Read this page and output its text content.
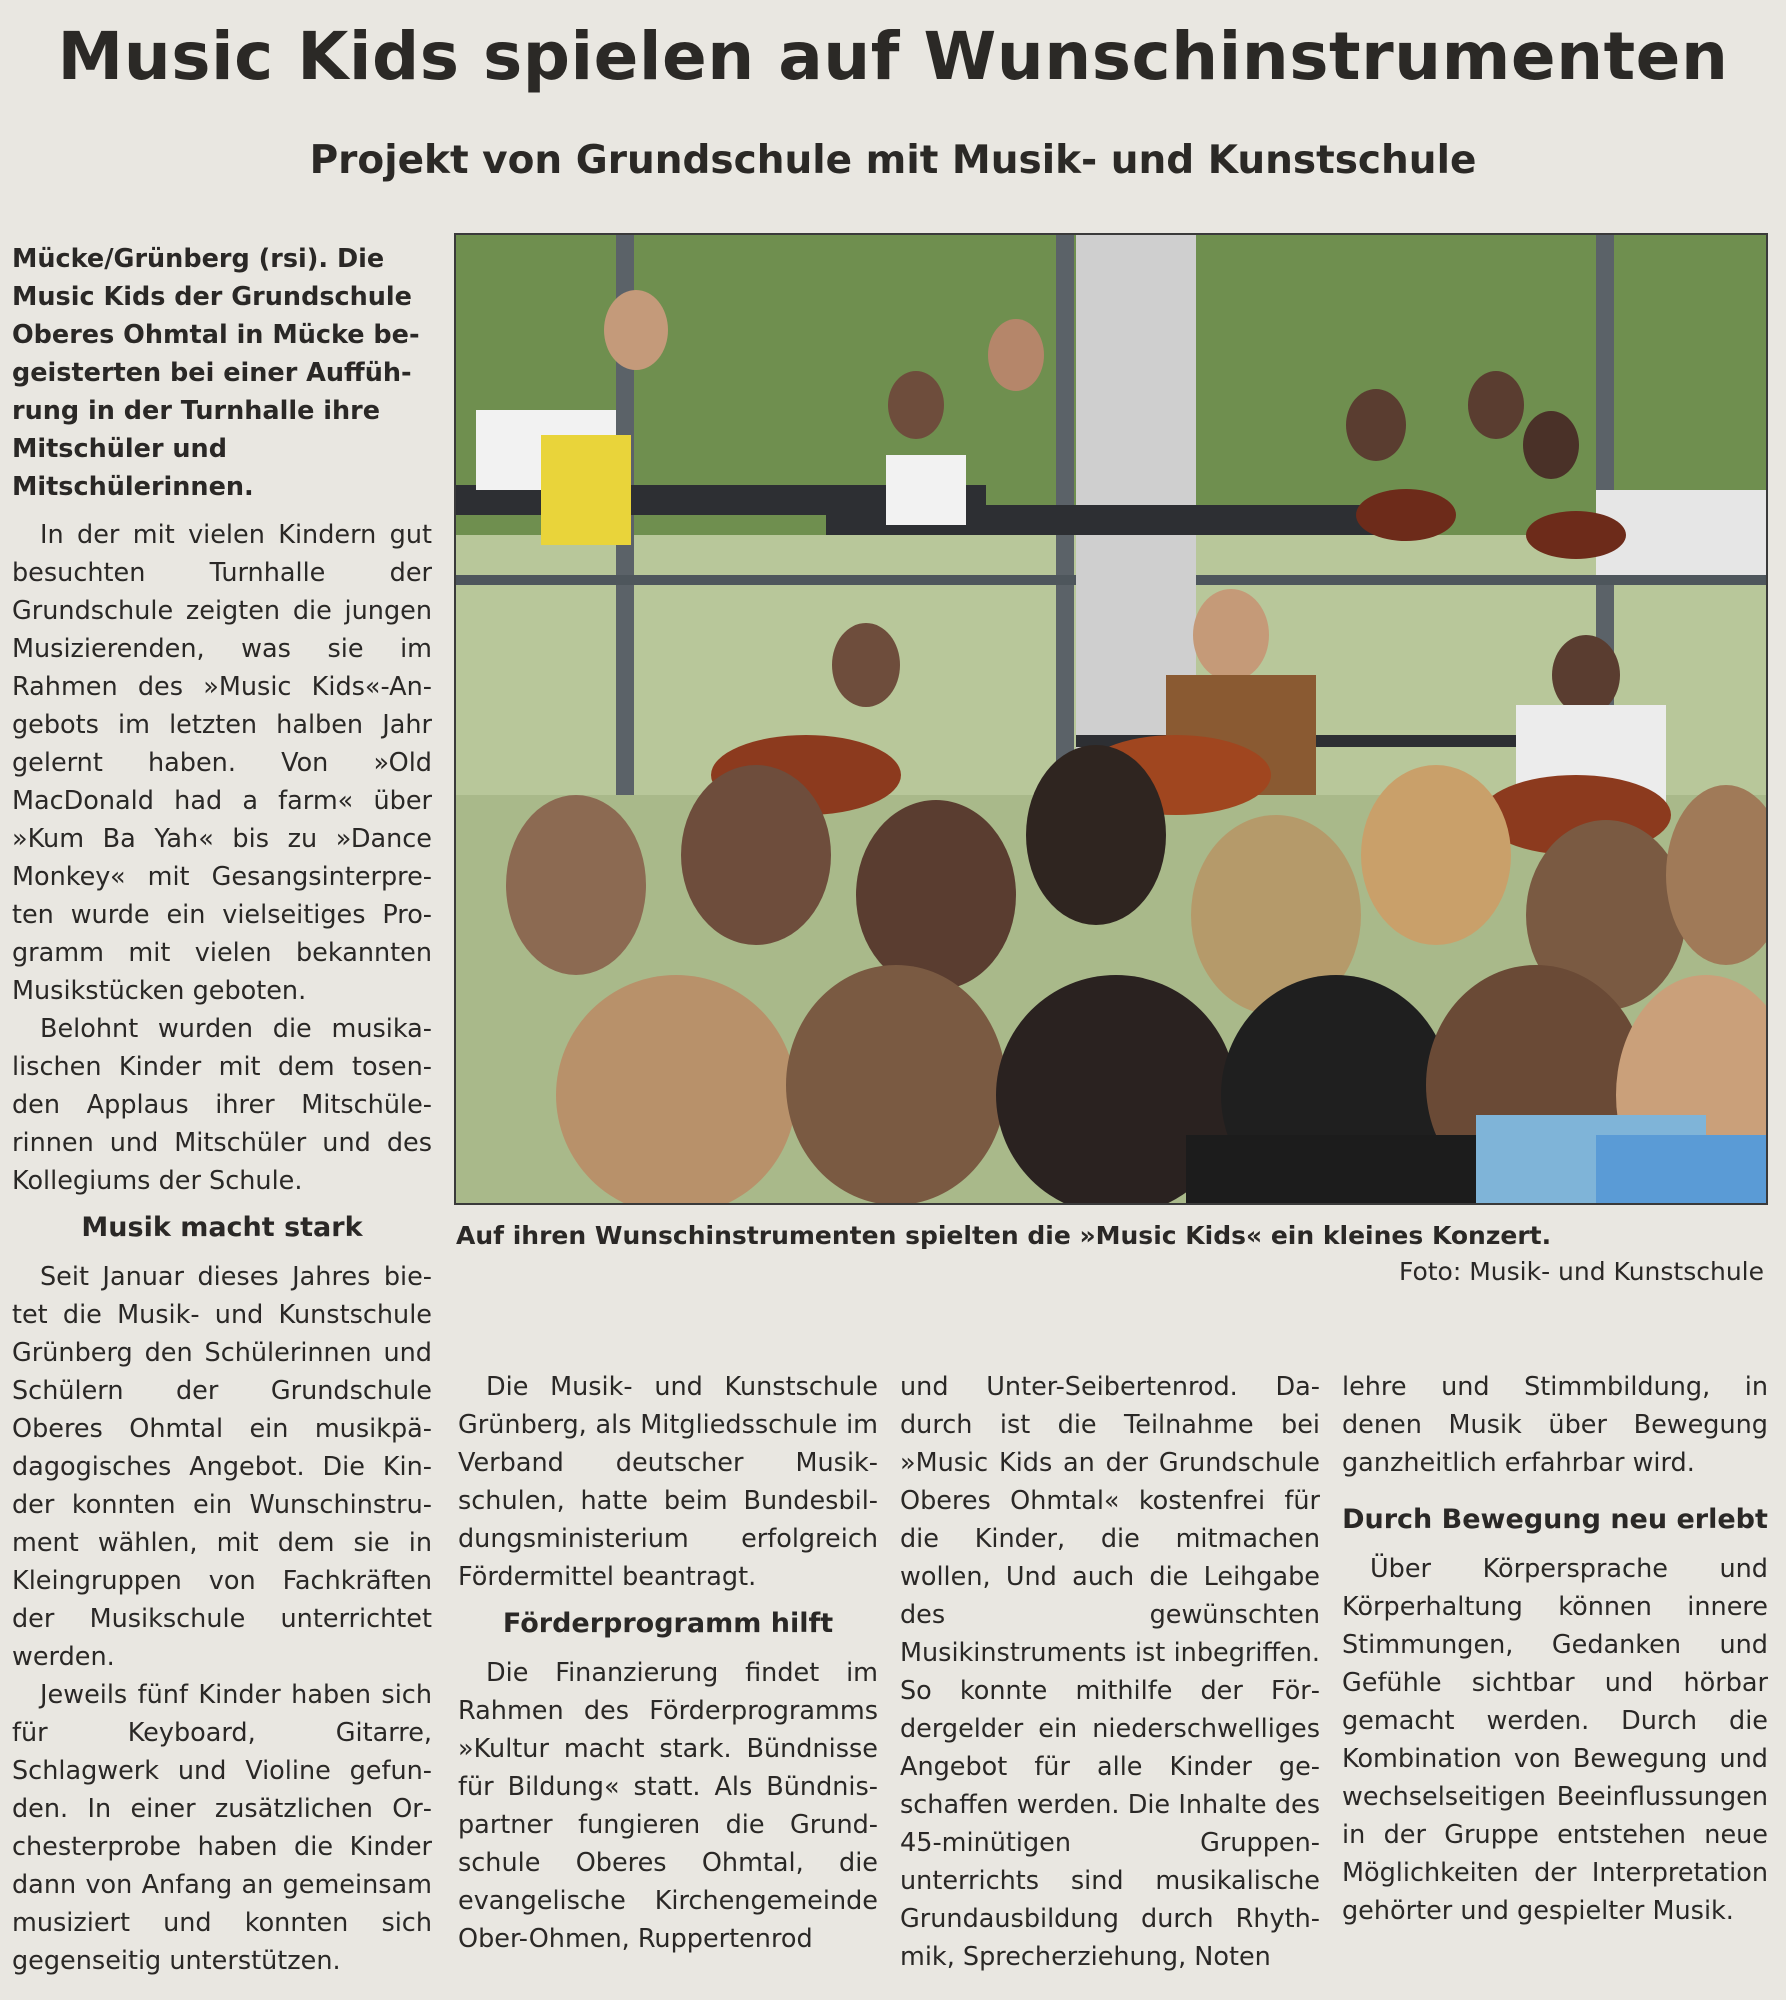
Music Kids spielen auf Wunschinstrumenten
Projekt von Grundschule mit Musik- und Kunstschule

Mücke/Grünberg (rsi). Die Music Kids der Grundschule Oberes Ohmtal in Mücke begeisterten bei einer Aufführung in der Turnhalle ihre Mitschüler und Mitschülerinnen.

In der mit vielen Kindern gut besuchten Turnhalle der Grundschule zeigten die jungen Musizierenden, was sie im Rahmen des »Music Kids«-Angebots im letzten halben Jahr gelernt haben. Von »Old MacDonald had a farm« über »Kum Ba Yah« bis zu »Dance Monkey« mit Gesangsinterpreten wurde ein vielseitiges Programm mit vielen bekannten Musikstücken geboten.

Belohnt wurden die musikalischen Kinder mit dem tosenden Applaus ihrer Mitschülerinnen und Mitschüler und des Kollegiums der Schule.

Musik macht stark

Seit Januar dieses Jahres bietet die Musik- und Kunstschule Grünberg den Schülerinnen und Schülern der Grundschule Oberes Ohmtal ein musikpädagogisches Angebot. Die Kinder konnten ein Wunschinstrument wählen, mit dem sie in Kleingruppen von Fachkräften der Musikschule unterrichtet werden.

Jeweils fünf Kinder haben sich für Keyboard, Gitarre, Schlagwerk und Violine gefunden. In einer zusätzlichen Orchesterprobe haben die Kinder dann von Anfang an gemeinsam musiziert und konnten sich gegenseitig unterstützen.

Auf ihren Wunschinstrumenten spielten die »Music Kids« ein kleines Konzert.
Foto: Musik- und Kunstschule

Die Musik- und Kunstschule Grünberg, als Mitgliedsschule im Verband deutscher Musikschulen, hatte beim Bundesbildungsministerium erfolgreich Fördermittel beantragt.

Förderprogramm hilft

Die Finanzierung findet im Rahmen des Förderprogramms »Kultur macht stark. Bündnisse für Bildung« statt. Als Bündnispartner fungieren die Grundschule Oberes Ohmtal, die evangelische Kirchengemeinde Ober-Ohmen, Ruppertenrod

und Unter-Seibertenrod. Dadurch ist die Teilnahme bei »Music Kids an der Grundschule Oberes Ohmtal« kostenfrei für die Kinder, die mitmachen wollen, Und auch die Leihgabe des gewünschten Musikinstruments ist inbegriffen. So konnte mithilfe der Fördergelder ein niederschwelliges Angebot für alle Kinder geschaffen werden. Die Inhalte des 45-minütigen Gruppenunterrichts sind musikalische Grundausbildung durch Rhythmik, Sprecherziehung, Noten

lehre und Stimmbildung, in denen Musik über Bewegung ganzheitlich erfahrbar wird.

Durch Bewegung neu erlebt

Über Körpersprache und Körperhaltung können innere Stimmungen, Gedanken und Gefühle sichtbar und hörbar gemacht werden. Durch die Kombination von Bewegung und wechselseitigen Beeinflussungen in der Gruppe entstehen neue Möglichkeiten der Interpretation gehörter und gespielter Musik.
